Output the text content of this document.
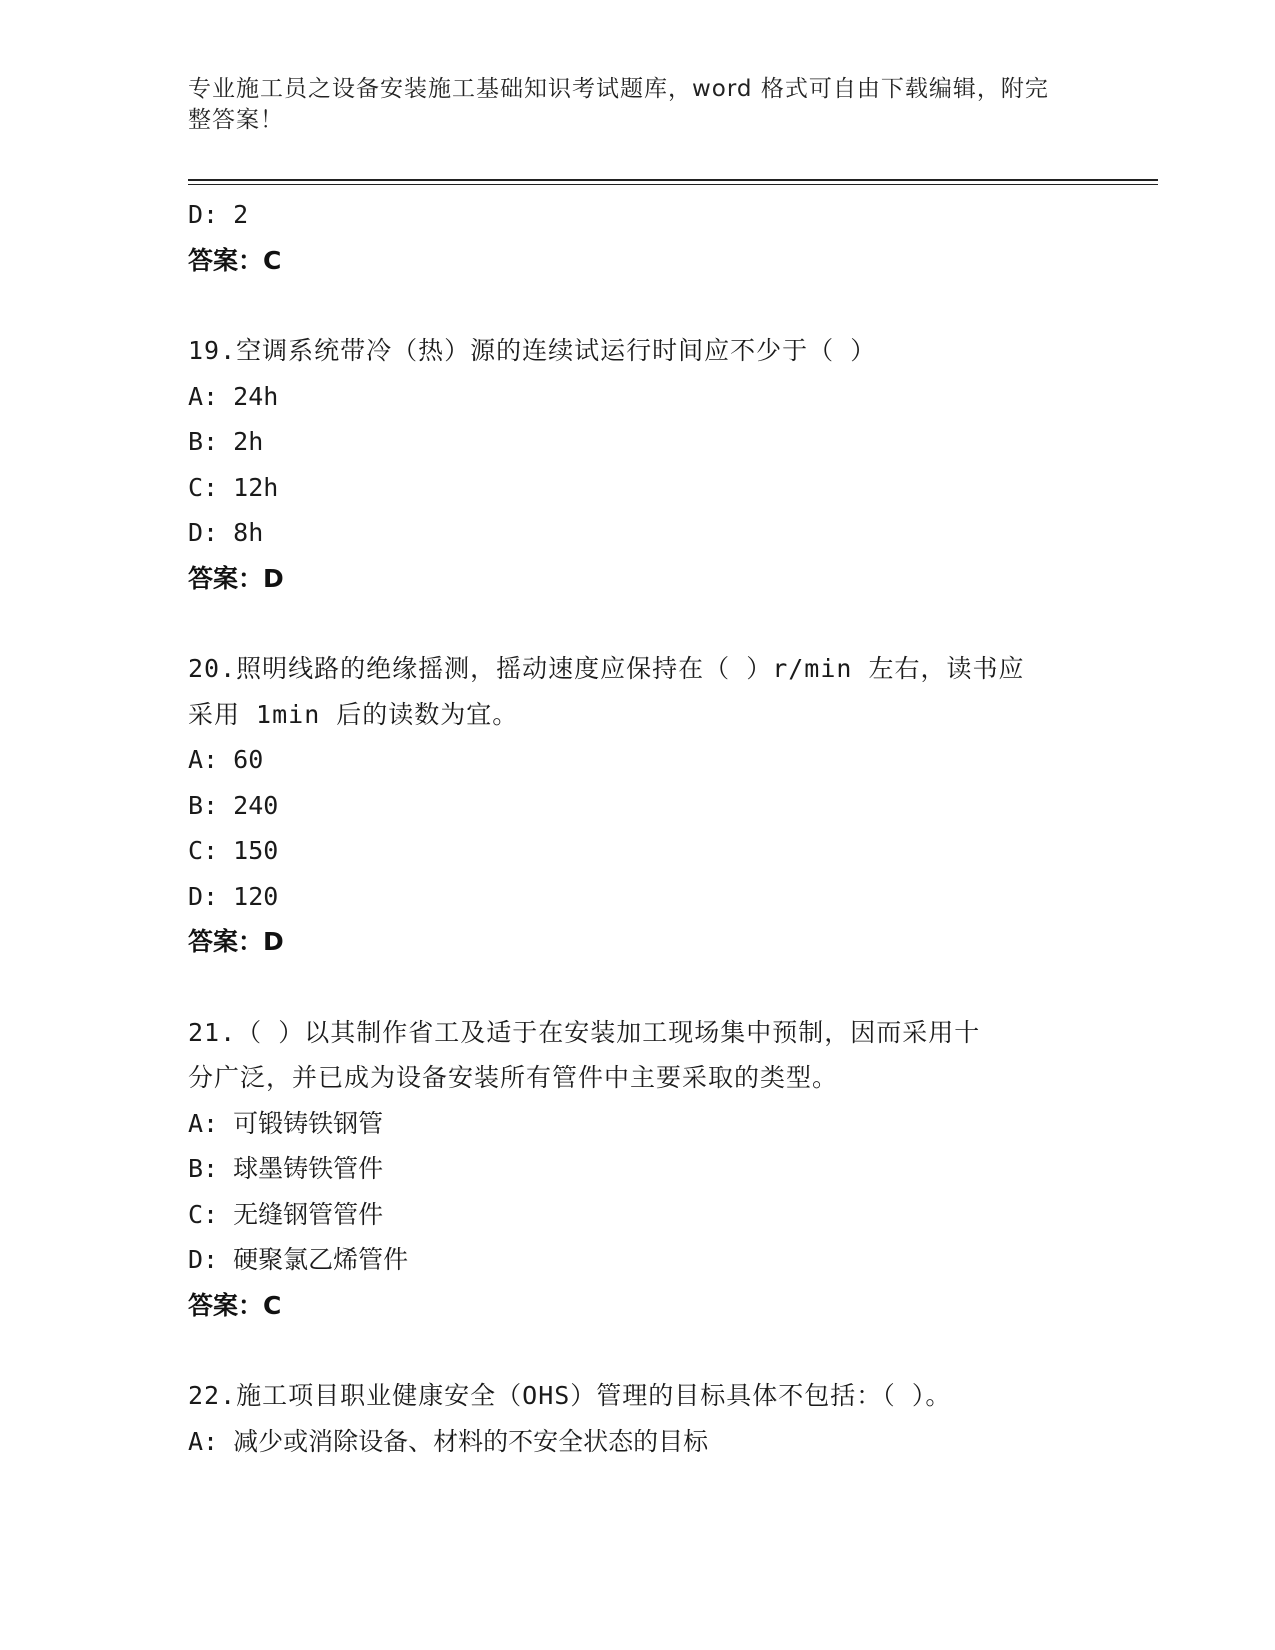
专业施工员之设备安装施工基础知识考试题库，word 格式可自由下载编辑，附完
整答案！
D: 2
答案：C
19.空调系统带冷（热）源的连续试运行时间应不少于（ ）
A: 24h
B: 2h
C: 12h
D: 8h
答案：D
20.照明线路的绝缘摇测，摇动速度应保持在（ ）r/min 左右，读书应
采用 1min 后的读数为宜。
A: 60
B: 240
C: 150
D: 120
答案：D
21.（ ）以其制作省工及适于在安装加工现场集中预制，因而采用十
分广泛，并已成为设备安装所有管件中主要采取的类型。
A: 可锻铸铁钢管
B: 球墨铸铁管件
C: 无缝钢管管件
D: 硬聚氯乙烯管件
答案：C
22.施工项目职业健康安全（OHS）管理的目标具体不包括：（ ）。
A: 减少或消除设备、材料的不安全状态的目标
